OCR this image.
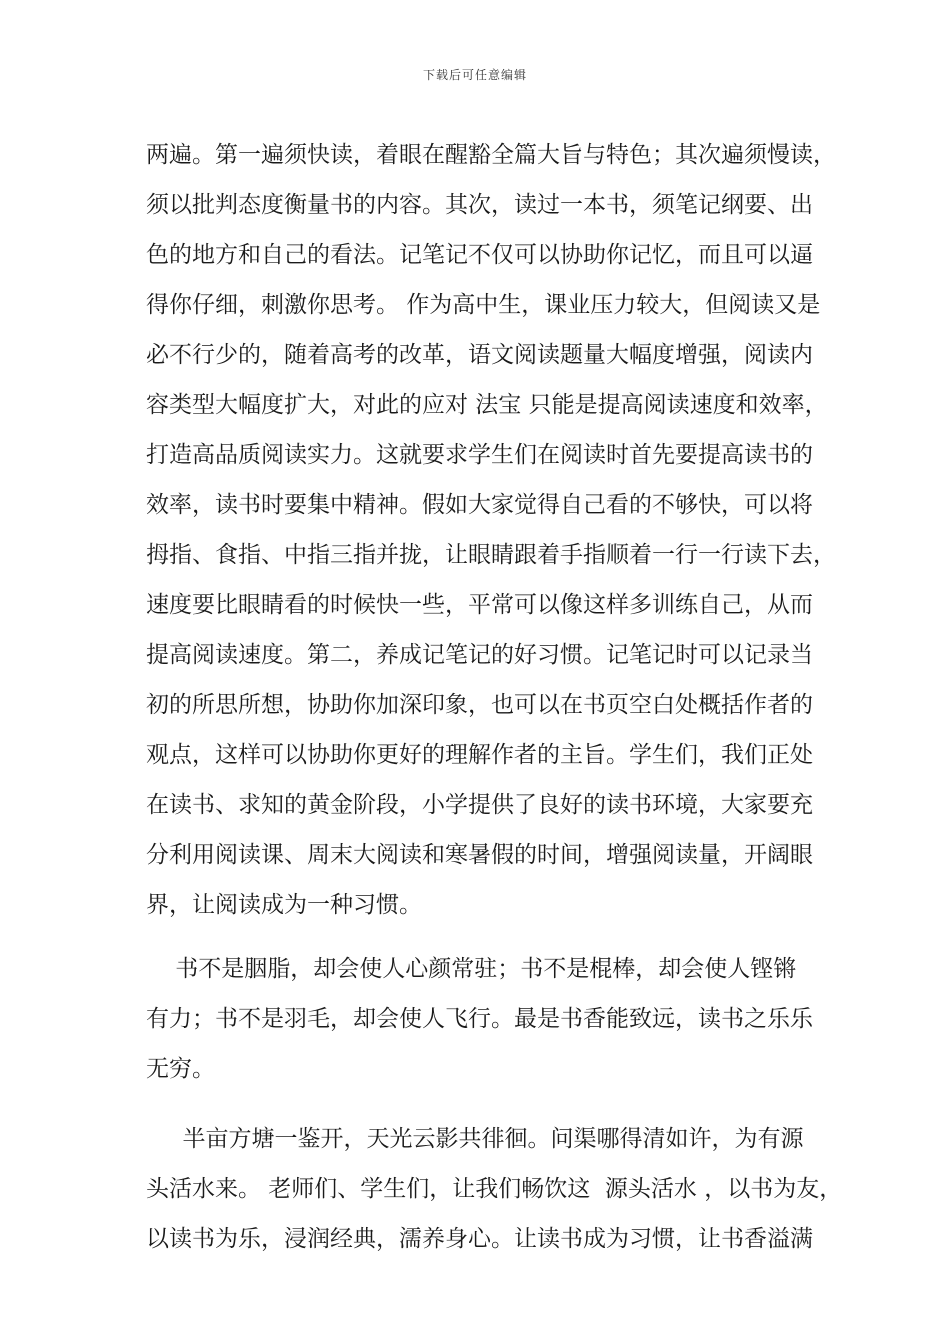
下载后可任意编辑
两遍。第一遍须快读，着眼在醒豁全篇大旨与特色；其次遍须慢读，
须以批判态度衡量书的内容。其次，读过一本书，须笔记纲要、出
色的地方和自己的看法。记笔记不仅可以协助你记忆，而且可以逼
得你仔细，刺激你思考。 作为高中生，课业压力较大，但阅读又是
必不行少的，随着高考的改革，语文阅读题量大幅度增强，阅读内
容类型大幅度扩大，对此的应对 法宝 只能是提高阅读速度和效率，
打造高品质阅读实力。这就要求学生们在阅读时首先要提高读书的
效率，读书时要集中精神。假如大家觉得自己看的不够快，可以将
拇指、食指、中指三指并拢，让眼睛跟着手指顺着一行一行读下去，
速度要比眼睛看的时候快一些，平常可以像这样多训练自己，从而
提高阅读速度。第二，养成记笔记的好习惯。记笔记时可以记录当
初的所思所想，协助你加深印象，也可以在书页空白处概括作者的
观点，这样可以协助你更好的理解作者的主旨。学生们，我们正处
在读书、求知的黄金阶段，小学提供了良好的读书环境，大家要充
分利用阅读课、周末大阅读和寒暑假的时间，增强阅读量，开阔眼
界，让阅读成为一种习惯。
书不是胭脂，却会使人心颜常驻；书不是棍棒，却会使人铿锵
有力；书不是羽毛，却会使人飞行。最是书香能致远，读书之乐乐
无穷。
半亩方塘一鉴开，天光云影共徘徊。问渠哪得清如许，为有源
头活水来。 老师们、学生们，让我们畅饮这  源头活水 ，以书为友，
以读书为乐，浸润经典，濡养身心。让读书成为习惯，让书香溢满
